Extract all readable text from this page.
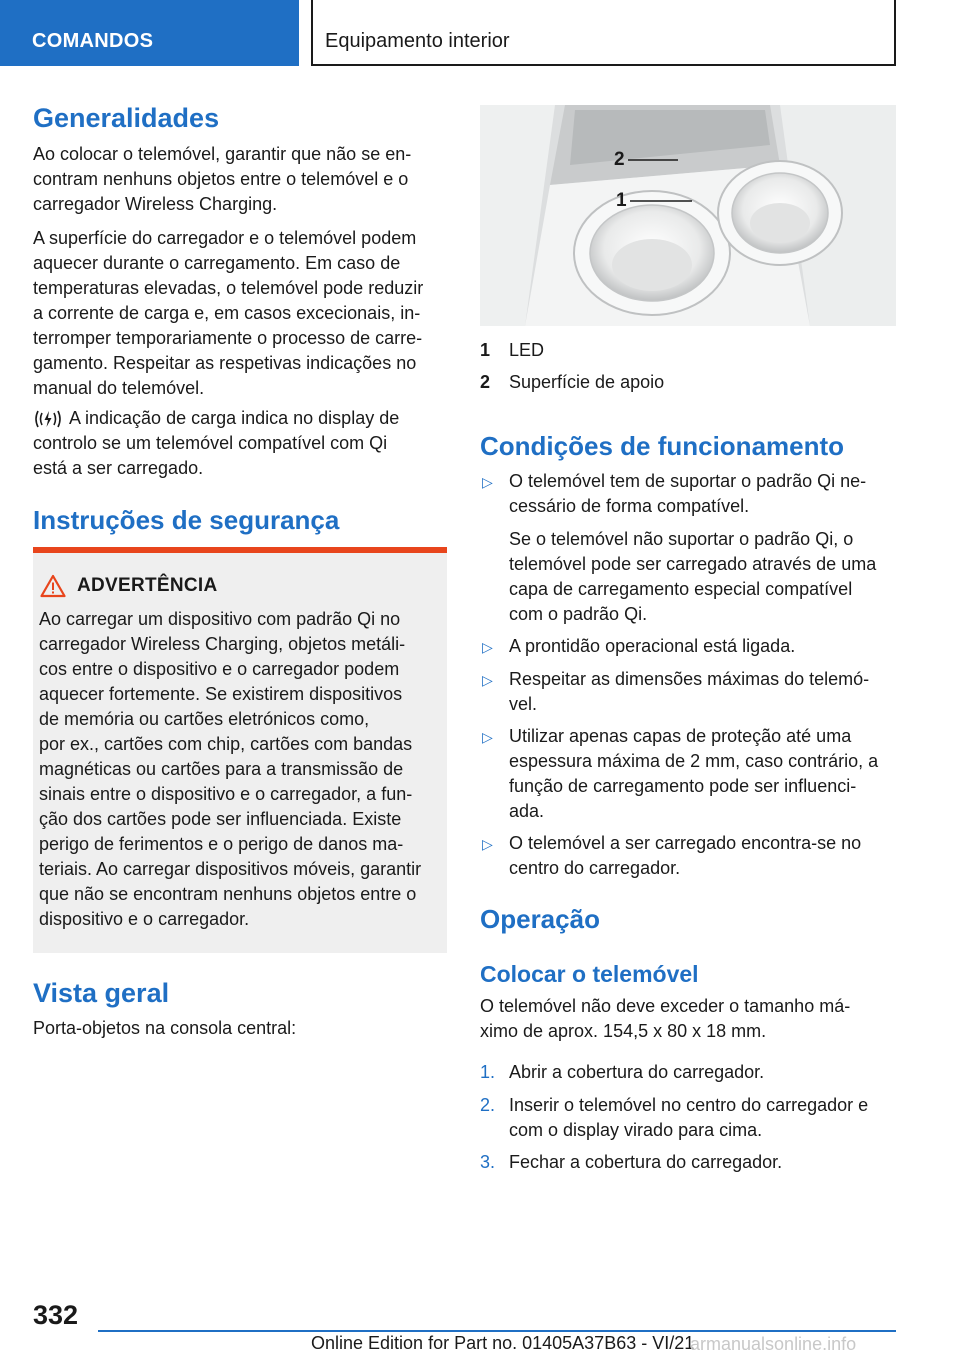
COMANDOS	Equipamento interior
Generalidades
Ao colocar o telemóvel, garantir que não se en-
contram nenhuns objetos entre o telemóvel e o
carregador Wireless Charging.
A superfície do carregador e o telemóvel podem
aquecer durante o carregamento. Em caso de
temperaturas elevadas, o telemóvel pode reduzir
a corrente de carga e, em casos excecionais, in-
terromper temporariamente o processo de carre-
gamento. Respeitar as respetivas indicações no
manual do telemóvel.
A indicação de carga indica no display de
controlo se um telemóvel compatível com Qi
está a ser carregado.
Instruções de segurança
ADVERTÊNCIA
Ao carregar um dispositivo com padrão Qi no
carregador Wireless Charging, objetos metáli-
cos entre o dispositivo e o carregador podem
aquecer fortemente. Se existirem dispositivos
de memória ou cartões eletrónicos como,
por ex., cartões com chip, cartões com bandas
magnéticas ou cartões para a transmissão de
sinais entre o dispositivo e o carregador, a fun-
ção dos cartões pode ser influenciada. Existe
perigo de ferimentos e o perigo de danos ma-
teriais. Ao carregar dispositivos móveis, garantir
que não se encontram nenhuns objetos entre o
dispositivo e o carregador.
Vista geral
Porta-objetos na consola central:
2
1
1 LED
2 Superfície de apoio
Condições de funcionamento
▷ O telemóvel tem de suportar o padrão Qi ne-
cessário de forma compatível.
Se o telemóvel não suportar o padrão Qi, o
telemóvel pode ser carregado através de uma
capa de carregamento especial compatível
com o padrão Qi.
▷ A prontidão operacional está ligada.
▷ Respeitar as dimensões máximas do telemó-
vel.
▷ Utilizar apenas capas de proteção até uma
espessura máxima de 2 mm, caso contrário, a
função de carregamento pode ser influenci-
ada.
▷ O telemóvel a ser carregado encontra-se no
centro do carregador.
Operação
Colocar o telemóvel
O telemóvel não deve exceder o tamanho má-
ximo de aprox. 154,5 x 80 x 18 mm.
1. Abrir a cobertura do carregador.
2. Inserir o telemóvel no centro do carregador e
com o display virado para cima.
3. Fechar a cobertura do carregador.
332
Online Edition for Part no. 01405A37B63 - VI/21
armanualsonline.info
